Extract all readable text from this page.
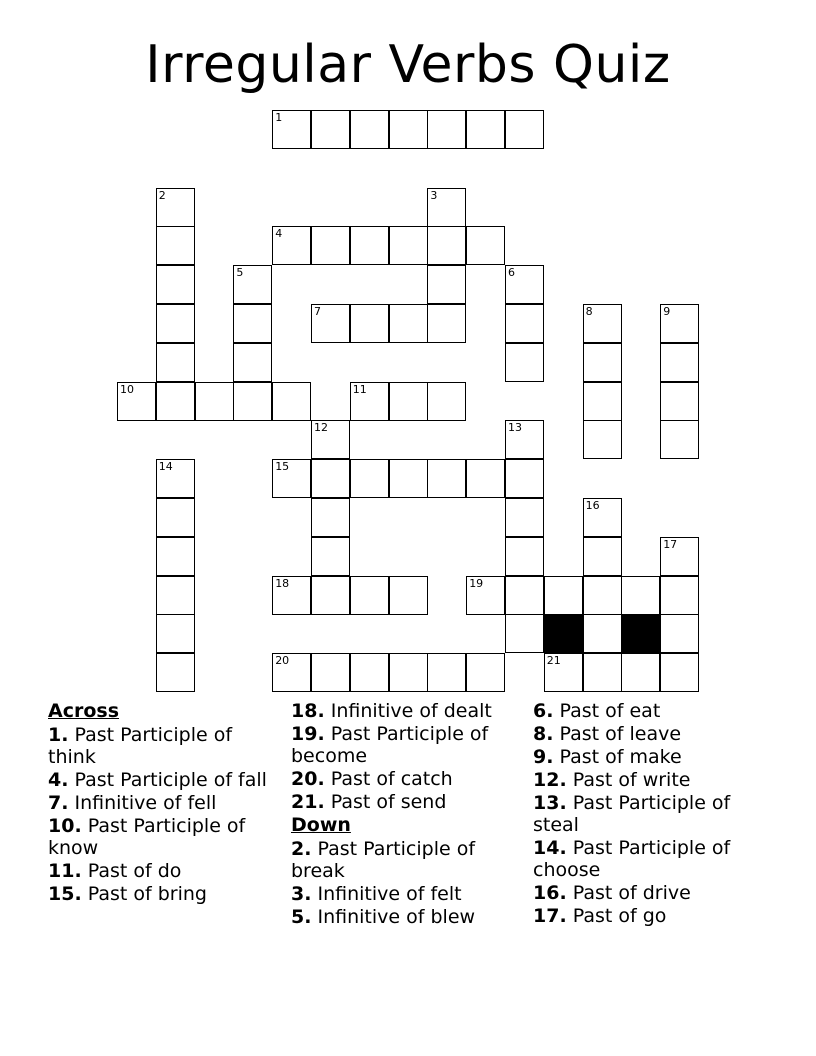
Irregular Verbs Quiz
1
2	3
4
5	6
7	8	9
10	11
12	13
14	15
16
17
18	19
20	21
Across
1. Past Participle of think
4. Past Participle of fall
7. Infinitive of fell
10. Past Participle of know
11. Past of do
15. Past of bring
18. Infinitive of dealt
19. Past Participle of become
20. Past of catch
21. Past of send
Down
2. Past Participle of break
3. Infinitive of felt
5. Infinitive of blew
6. Past of eat
8. Past of leave
9. Past of make
12. Past of write
13. Past Participle of steal
14. Past Participle of choose
16. Past of drive
17. Past of go
